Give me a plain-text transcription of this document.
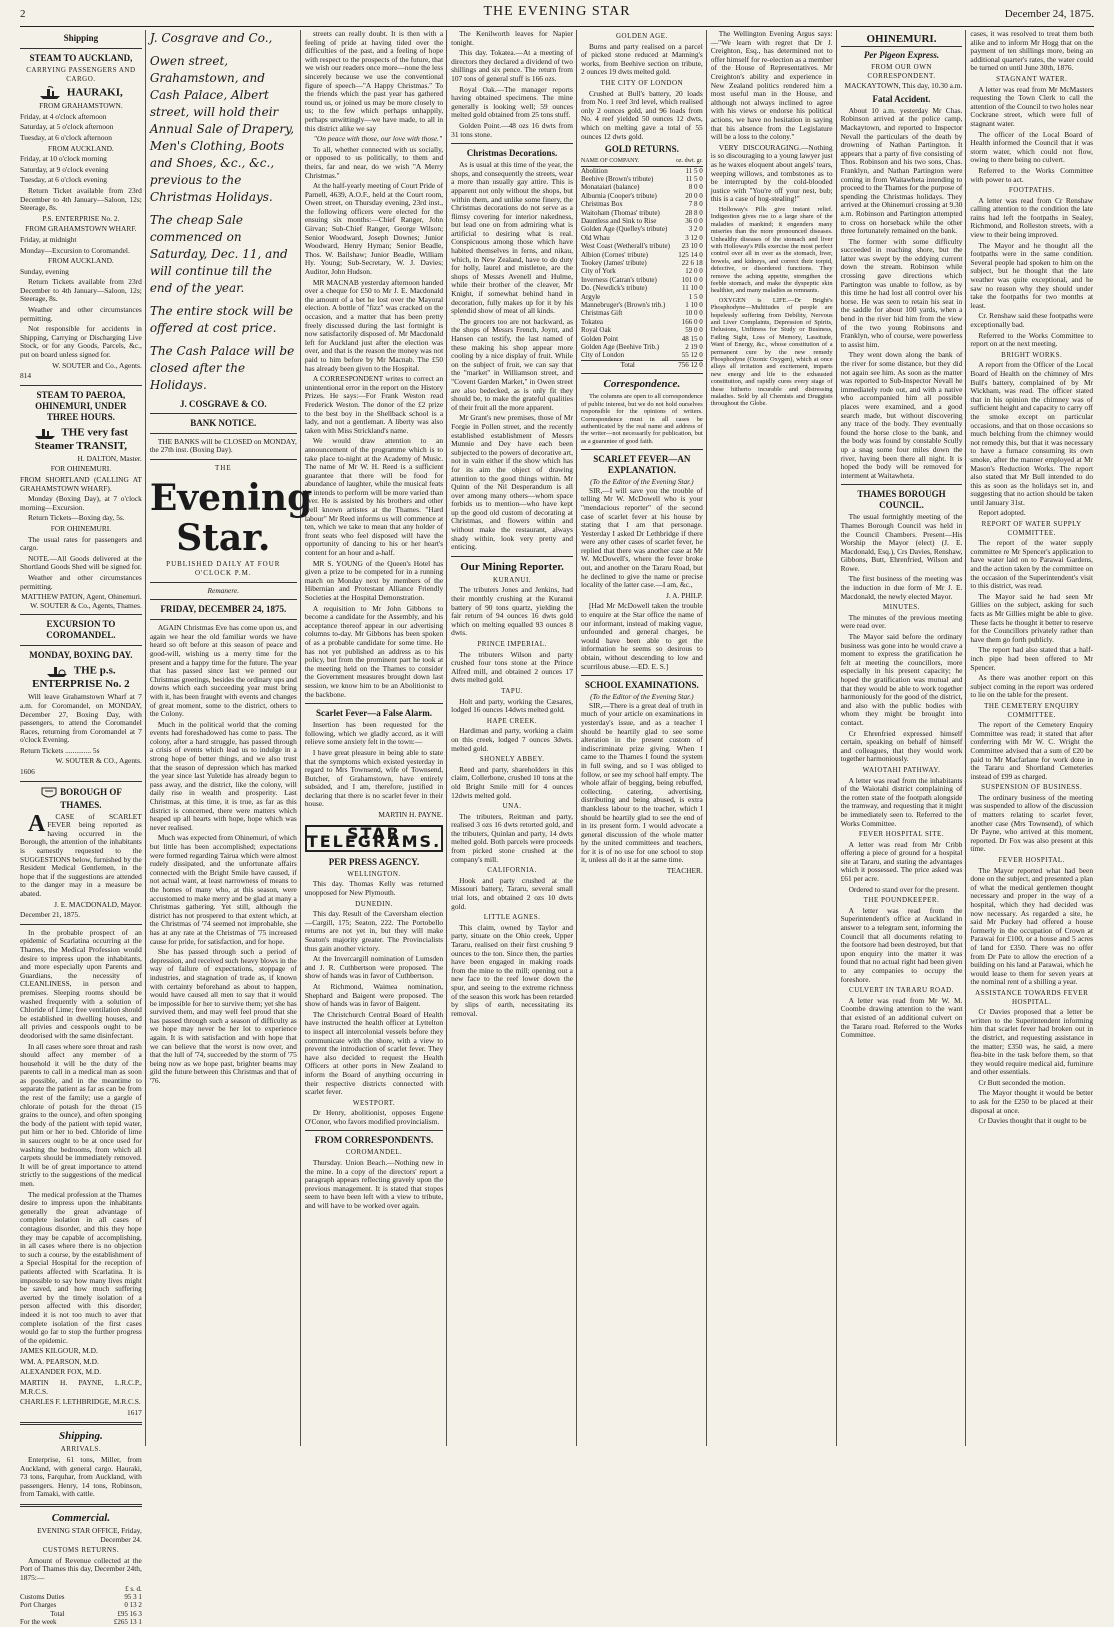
2	THE EVENING STAR	December 24, 1875.
Shipping
STEAM TO AUCKLAND,
CARRYING PASSENGERS AND CARGO.
HAURAKI,

FROM GRAHAMSTOWN.

Friday, at 4 o'clock afternoon

Saturday, at 5 o'clock afternoon

Tuesday, at 6 o'clock afternoon

FROM AUCKLAND.

Friday, at 10 o'clock morning

Saturday, at 9 o'clock evening

Tuesday, at 6 o'clock evening

Return Ticket available from 23rd December to 4th January—Saloon, 12s; Steerage, 8s.

P.S. ENTERPRISE No. 2.

FROM GRAHAMSTOWN WHARF.

Friday, at midnight

Monday—Excursion to Coromandel.

FROM AUCKLAND.

Sunday, evening

Return Tickets available from 23rd December to 4th January—Saloon, 12s; Steerage, 8s.

Weather and other circumstances permitting.

Not responsible for accidents in Shipping, Carrying or Discharging Live Stock, or for any Goods, Parcels, &c., put on board unless signed for.

W. SOUTER and Co., Agents.

814

STEAM TO PAEROA, OHINEMURI, UNDER THREE HOURS.
THE very fast Steamer TRANSIT,

H. DALTON, Master.

FOR OHINEMURI.

FROM SHORTLAND (CALLING AT GRAHAMSTOWN WHARF).

Monday (Boxing Day), at 7 o'clock morning—Excursion.

Return Tickets—Boxing day, 5s.

FOR OHINEMURI.

The usual rates for passengers and cargo.

NOTE.—All Goods delivered at the Shortland Goods Shed will be signed for.

Weather and other circumstances permitting.

MATTHEW PATON, Agent, Ohinemuri. W. SOUTER & Co., Agents, Thames.

EXCURSION TO COROMANDEL.
MONDAY, BOXING DAY.
THE p.s. ENTERPRISE No. 2

Will leave Grahamstown Wharf at 7 a.m. for Coromandel, on MONDAY, December 27, Boxing Day, with passengers, to attend the Coromandel Races, returning from Coromandel at 7 o'clock Evening.

Return Tickets .............. 5s

W. SOUTER & CO., Agents.

1606

BOROUGH OF THAMES.

A CASE of SCARLET FEVER being reported as having occurred in the Borough, the attention of the inhabitants is earnestly requested to the SUGGESTIONS below, furnished by the Resident Medical Gentlemen, in the hope that if the suggestions are attended to the danger may in a measure be abated.

J. E. MACDONALD, Mayor.

December 21, 1875.

In the probable prospect of an epidemic of Scarlatina occurring at the Thames, the Medical Profession would desire to impress upon the inhabitants, and more especially upon Parents and Guardians, the necessity of CLEANLINESS, in person and premises. Sleeping rooms should be washed frequently with a solution of Chloride of Lime; free ventilation should be established in dwelling houses, and all privies and cesspools ought to be deodorised with the same disinfectant.

In all cases where sore throat and rash should affect any member of a household it will be the duty of the parents to call in a medical man as soon as possible, and in the meantime to separate the patient as far as can be from the rest of the family; use a gargle of chlorate of potash for the throat (15 grains to the ounce), and often sponging the body of the patient with tepid water, put him or her to bed. Chloride of lime in saucers ought to be at once used for washing the bedrooms, from which all carpets should be immediately removed. It will be of great importance to attend strictly to the suggestions of the medical men.

The medical profession at the Thames desire to impress upon the inhabitants generally the great advantage of complete isolation in all cases of contagious disorder, and this they hope they may be capable of accomplishing, in all cases where there is no objection to such a course, by the establishment of a Special Hospital for the reception of patients affected with Scarlatina. It is impossible to say how many lives might be saved, and how much suffering averted by the timely isolation of a person affected with this disorder; indeed it is not too much to aver that complete isolation of the first cases would go far to stop the further progress of the epidemic.

JAMES KILGOUR, M.D.

WM. A. PEARSON, M.D.

ALEXANDER FOX, M.D.

MARTIN H. PAYNE, L.R.C.P., M.R.C.S.

CHARLES F. LETHBRIDGE, M.R.C.S.

1617

Shipping.
ARRIVALS.

Enterprise, 61 tons, Miller, from Auckland, with general cargo. Hauraki, 73 tons, Farquhar, from Auckland, with passengers. Henry, 14 tons, Robinson, from Tamaki, with cattle.

Commercial.

EVENING STAR OFFICE, Friday, December 24.

CUSTOMS RETURNS.

Amount of Revenue collected at the Port of Thames this day, December 24th, 1875:—

	£ s. d.
Customs Duties	95 3 1
Port Charges	0 13 2
Total	£95 16 3
For the week	£265 13 1

J. Cosgrave and Co.,

Owen street, Grahamstown, and Cash Palace, Albert street, will hold their Annual Sale of Drapery, Men's Clothing, Boots and Shoes, &c., &c., previous to the Christmas Holidays.

The cheap Sale commenced on Saturday, Dec. 11, and will continue till the end of the year.

The entire stock will be offered at cost price.

The Cash Palace will be closed after the Holidays.

J. COSGRAVE & CO.
BANK NOTICE.

THE BANKS will be CLOSED on MONDAY, the 27th inst. (Boxing Day).

THE
Evening Star.
PUBLISHED DAILY AT FOUR O'CLOCK P.M.
Remanere.
FRIDAY, DECEMBER 24, 1875.

AGAIN Christmas Eve has come upon us, and again we hear the old familiar words we have heard so oft before at this season of peace and good-will, wishing us a merry time for the present and a happy time for the future. The year that has passed since last we penned our Christmas greetings, besides the ordinary ups and downs which each succeeding year must bring with it, has been fraught with events and changes of great moment, some to the district, others to the Colony.

Much in the political world that the coming events had foreshadowed has come to pass. The colony, after a hard struggle, has passed through a crisis of events which lead us to indulge in a strong hope of better things, and we also trust that the season of depression which has marked the year since last Yuletide has already begun to pass away, and the district, like the colony, will daily rise in wealth and prosperity. Last Christmas, at this time, it is true, as far as this district is concerned, there were matters which heaped up all hearts with hope, hope which was never realised.

Much was expected from Ohinemuri, of which but little has been accomplished; expectations were formed regarding Tairua which were almost rudely dissipated, and the unfortunate affairs connected with the Bright Smile have caused, if not actual want, at least narrowness of means to the homes of many who, at this season, were accustomed to make merry and be glad at many a Christmas gathering. Yet still, although the district has not prospered to that extent which, at the Christmas of '74 seemed not improbable, she has at any rate at the Christmas of '75 increased cause for pride, for satisfaction, and for hope.

She has passed through such a period of depression, and received such heavy blows in the way of failure of expectations, stoppage of industries, and stagnation of trade as, if known with certainty beforehand as about to happen, would have caused all men to say that it would be impossible for her to survive them; yet she has survived them, and may well feel proud that she has passed through such a season of difficulty as we hope may never be her lot to experience again. It is with satisfaction and with hope that we can believe that the worst is now over, and that the lull of '74, succeeded by the storm of '75 being now as we hope past, brighter beams may gild the future between this Christmas and that of '76.

streets can really doubt. It is then with a feeling of pride at having tided over the difficulties of the past, and a feeling of hope with respect to the prospects of the future, that we wish our readers once more—none the less sincerely because we use the conventional figure of speech—"A Happy Christmas." To the friends which the past year has gathered round us, or joined us may be more closely to us; to the few which perhaps unhappily, perhaps unwittingly—we have made, to all in this district alike we say

"On peace with those, our love with those."

To all, whether connected with us socially, or opposed to us politically, to them and theirs, far and near, do we wish "A Merry Christmas."

At the half-yearly meeting of Court Pride of Parnell, 4639, A.O.F., held at the Court room, Owen street, on Thursday evening, 23rd inst., the following officers were elected for the ensuing six months:—Chief Ranger, John Girvan; Sub-Chief Ranger, George Wilson; Senior Woodward, Joseph Downes; Junior Woodward, Henry Hyman; Senior Beadle, Thos. W. Bailshaw; Junior Beadle, William Hy. Young; Sub-Secretary, W. J. Davies; Auditor, John Hudson.

MR MACNAB yesterday afternoon handed over a cheque for £50 to Mr J. E. Macdonald the amount of a bet he lost over the Mayoral election. A bottle of "fizz" was cracked on the occasion, and a matter that has been pretty freely discussed during the last fortnight is now satisfactorily disposed of. Mr Macdonald left for Auckland just after the election was over, and that is the reason the money was not paid to him before by Mr Macnab. The £50 has already been given to the Hospital.

A CORRESPONDENT writes to correct an unintentional error in the report on the History Prizes. He says:—For Frank Weston read Frederick Weston. The donor of the £2 prize to the best boy in the Shellback school is a lady, and not a gentleman. A liberty was also taken with Miss Strickland's name.

We would draw attention to an announcement of the programme which is to take place to-night at the Academy of Music. The name of Mr W. H. Reed is a sufficient guarantee that there will be food for abundance of laughter, while the musical feats he intends to perform will be more varied than ever. He is assisted by his brothers and other well known artistes at the Thames. "Hard labour" Mr Reed informs us will commence at ten, which we take to mean that any holder of front seats who feel disposed will have the opportunity of dancing to his or her heart's content for an hour and a-half.

MR S. YOUNG of the Queen's Hotel has given a prize to be competed for in a running match on Monday next by members of the Hibernian and Protestant Alliance Friendly Societies at the Hospital Demonstration.

A requisition to Mr John Gibbons to become a candidate for the Assembly, and his acceptance thereof appear in our advertising columns to-day. Mr Gibbons has been spoken of as a probable candidate for some time. He has not yet published an address as to his policy, but from the prominent part he took at the meeting held on the Thames to consider the Government measures brought down last session, we know him to be an Abolitionist to the backbone.

Scarlet Fever—a False Alarm.

Insertion has been requested for the following, which we gladly accord, as it will relieve some anxiety felt in the town:—

I have great pleasure in being able to state that the symptoms which existed yesterday in regard to Mrs Townsend, wife of Townsend, Butcher, of Grahamstown, have entirely subsided, and I am, therefore, justified in declaring that there is no scarlet fever in their house.

MARTIN H. PAYNE.

STAR TELEGRAMS.
PER PRESS AGENCY.
WELLINGTON.

This day. Thomas Kelly was returned unopposed for New Plymouth.

DUNEDIN.

This day. Result of the Caversham election—Cargill, 175; Seaton, 222. The Portobello returns are not yet in, but they will make Seaton's majority greater. The Provincialists thus gain another victory.

At the Invercargill nomination of Lumsden and J. R. Cuthbertson were proposed. The show of hands was in favor of Cuthbertson.

At Richmond, Waimea nomination, Shephard and Baigent were proposed. The show of hands was in favor of Baigent.

The Christchurch Central Board of Health have instructed the health officer at Lyttelton to inspect all intercolonial vessels before they communicate with the shore, with a view to prevent the introduction of scarlet fever. They have also decided to request the Health Officers at other ports in New Zealand to inform the Board of anything occurring in their respective districts connected with scarlet fever.

WESTPORT.

Dr Henry, abolitionist, opposes Eugene O'Conor, who favors modified provincialism.

FROM CORRESPONDENTS.
COROMANDEL.

Thursday. Union Beach.—Nothing new in the mine. In a copy of the directors' report a paragraph appears reflecting gravely upon the previous management. It is stated that stopes seem to have been left with a view to tribute, and will have to be worked over again.

The Kenilworth leaves for Napier tonight.

This day. Tokatea.—At a meeting of directors they declared a dividend of two shillings and six pence. The return from 107 tons of general stuff is 166 ozs.

Royal Oak.—The manager reports having obtained specimens. The mine generally is looking well; 59 ounces melted gold obtained from 25 tons stuff.

Golden Point.—48 ozs 16 dwts from 31 tons stone.

Christmas Decorations.

As is usual at this time of the year, the shops, and consequently the streets, wear a more than usually gay attire. This is apparent not only without the shops, but within them, and unlike some finery, the Christmas decorations do not serve as a flimsy covering for interior nakedness, but lead one on from admiring what is artificial to desiring what is real. Conspicuous among those which have habited themselves in ferns, and nikau, which, in New Zealand, have to do duty for holly, laurel and mistletoe, are the shops of Messrs Avenell and Hulme, while their brother of the cleaver, Mr Knight, if somewhat behind hand in decoration, fully makes up for it by his splendid show of meat of all kinds.

The grocers too are not backward, as the shops of Messrs French, Joynt, and Hansen can testify, the last named of these making his shop appear more cooling by a nice display of fruit. While on the subject of fruit, we can say that the "market" in Williamson street, and "Covent Garden Market," in Owen street are also bedecked, as is only fit they should be, to make the grateful qualities of their fruit all the more apparent.

Mr Grant's new premises, those of Mr Forgie in Pollen street, and the recently established establishment of Messrs Munnie and Dey have each been subjected to the powers of decorative art, not in vain either if the show which has for its aim the object of drawing attention to the good things within. Mr Quinn of the Nil Desperandum is all over among many others—whom space forbids us to mention—who have kept up the good old custom of decorating at Christmas, and flowers within and without make the restaurant, always shady within, look very pretty and enticing.

Our Mining Reporter.
KURANUI.

The tributers Jones and Jenkins, had their monthly crushing at the Kuranui battery of 90 tons quartz, yielding the fair return of 94 ounces 16 dwts gold which on melting equalled 93 ounces 8 dwts.

PRINCE IMPERIAL.

The tributers Wilson and party crushed four tons stone at the Prince Alfred mill, and obtained 2 ounces 17 dwts melted gold.

TAPU.

Holt and party, working the Cæsares, lodged 16 ounces 14dwts melted gold.

HAPE CREEK.

Hardiman and party, working a claim on this creek, lodged 7 ounces 3dwts. melted gold.

SHONELY ABBEY.

Reed and party, shareholders in this claim, Collerbone, crushed 10 tons at the old Bright Smile mill for 4 ounces 12dwts melted gold.

UNA.

The tributers, Reitman and party, realised 3 ozs 16 dwts retorted gold, and the tributers, Quinlan and party, 14 dwts melted gold. Both parcels were proceeds from picked stone crushed at the company's mill.

CALIFORNIA.

Hook and party crushed at the Missouri battery, Tararu, several small trial lots, and obtained 2 ozs 10 dwts gold.

LITTLE AGNES.

This claim, owned by Taylor and party, situate on the Ohio creek, Upper Tararu, realised on their first crushing 9 ounces to the ton. Since then, the parties have been engaged in making roads from the mine to the mill; opening out a new face to the reef lower down the spur, and seeing to the extreme richness of the season this work has been retarded by slips of earth, necessitating its removal.

GOLDEN AGE.

Burns and party realised on a parcel of picked stone reduced at Manning's works, from Beehive section on tribute, 2 ounces 19 dwts melted gold.

THE CITY OF LONDON

Crushed at Bull's battery, 20 loads from No. 1 reef 3rd level, which realised only 2 ounces gold, and 96 loads from No. 4 reef yielded 50 ounces 12 dwts, which on melting gave a total of 55 ounces 12 dwts gold.

GOLD RETURNS.
NAME OF COMPANY.	oz. dwt. gr.
Abolition	11 5 0
Beehive (Brown's tribute)	11 5 0
Monataiari (balance)	8 0 0
Alburnia (Cooper's tribute)	20 0 0
Christmas Box	7 8 0
Waitoham (Thomas' tribute)	28 8 0
Dauntless and Sink to Rise	36 0 0
Golden Age (Quelley's tribute)	3 2 0
Old Whau	3 12 0
West Coast (Wetherall's tribute)	23 10 0
Albion (Cornes' tribute)	125 14 0
Tookey (James' tribute)	22 6 18
City of York	12 0 0
Inverness (Catran's tribute)	101 0 0
Do. (Newdick's tribute)	11 10 0
Argyle	1 5 0
Mannebruger's (Brown's trib.)	1 10 0
Christmas Gift	10 0 0
Tokatea	166 0 0
Royal Oak	59 0 0
Golden Point	48 15 0
Golden Age (Beehive Trib.)	2 19 0
City of London	55 12 0
Total	756 12 0
Correspondence.

The columns are open to all correspondence of public interest, but we do not hold ourselves responsible for the opinions of writers. Correspondence must in all cases be authenticated by the real name and address of the writer—not necessarily for publication, but as a guarantee of good faith.

SCARLET FEVER—AN EXPLANATION.
(To the Editor of the Evening Star.)

SIR,—I will save you the trouble of telling Mr W. McDowell who is your "mendacious reporter" of the second case of scarlet fever at his house by stating that I am that personage. Yesterday I asked Dr Lethbridge if there were any other cases of scarlet fever, he replied that there was another case at Mr W. McDowell's, where the fever broke out, and another on the Tararu Road, but he declined to give the name or precise locality of the latter case.—I am, &c.,

J. A. PHILP.

[Had Mr McDowell taken the trouble to enquire at the Star office the name of our informant, instead of making vague, unfounded and general charges, he would have been able to get the information he seems so desirous to obtain, without descending to low and scurrilous abuse.—ED. E. S.]

SCHOOL EXAMINATIONS.
(To the Editor of the Evening Star.)

SIR,—There is a great deal of truth in much of your article on examinations in yesterday's issue, and as a teacher I should be heartily glad to see some alteration in the present custom of indiscriminate prize giving. When I came to the Thames I found the system in full swing, and so I was obliged to follow, or see my school half empty. The whole affair of begging, being rebuffed, collecting, catering, advertising, distributing and being abused, is extra thankless labour to the teacher, which I should be heartily glad to see the end of in its present form. I would advocate a general discussion of the whole matter by the united committees and teachers, for it is of no use for one school to stop it, unless all do it at the same time.

TEACHER.

The Wellington Evening Argus says:—"We learn with regret that Dr J. Creighton, Esq., has determined not to offer himself for re-election as a member of the House of Representatives. Mr Creighton's ability and experience in New Zealand politics rendered him a most useful man in the House, and although not always inclined to agree with his views or endorse his political actions, we have no hesitation in saying that his absence from the Legislature will be a loss to the colony."

VERY DISCOURAGING.—Nothing is so discouraging to a young lawyer just as he waxes eloquent about angels' tears, weeping willows, and tombstones as to be interrupted by the cold-blooded justice with "You're off your nest, bub; this is a case of hog-stealing!"

Holloway's Pills give instant relief. Indigestion gives rise to a large share of the maladies of mankind; it engenders many miseries than the more pronounced diseases. Unhealthy diseases of the stomach and liver with Holloway's Pills exercise the most perfect control over all in over as the stomach, liver, bowels, and kidneys, and correct their torpid, defective, or disordered functions. They remove the aching appetite, strengthen the feeble stomach, and make the dyspeptic skin healthier, and many maladies as remnants.

OXYGEN is LIFE.—Dr Bright's Phosphodyne—Multitudes of people are hopelessly suffering from Debility, Nervous and Liver Complaints, Depression of Spirits, Delusions, Unfitness for Study or Business, Failing Sight, Loss of Memory, Lassitude, Want of Energy, &c., whose constitution of a permanent cure by the new remedy Phosphodyne (Ozonic Oxygen), which at once allays all irritation and excitement, imparts new energy and life to the exhausted constitution, and rapidly cures every stage of these hitherto incurable and distressing maladies. Sold by all Chemists and Druggists throughout the Globe.

OHINEMURI.
Per Pigeon Express.
FROM OUR OWN CORRESPONDENT.

MACKAYTOWN, This day, 10.30 a.m.

Fatal Accident.

About 10 a.m. yesterday Mr Chas. Robinson arrived at the police camp, Mackaytown, and reported to Inspector Nevall the particulars of the death by drowning of Nathan Partington. It appears that a party of five consisting of Thos. Robinson and his two sons, Chas. Franklyn, and Nathan Partington were coming in from Waitawheta intending to proceed to the Thames for the purpose of spending the Christmas holidays. They arrived at the Ohinemuri crossing at 9.30 a.m. Robinson and Partington attempted to cross on horseback while the other three fortunately remained on the bank.

The former with some difficulty succeeded in reaching shore, but the latter was swept by the eddying current down the stream. Robinson while crossing gave directions which Partington was unable to follow, as by this time he had lost all control over his horse. He was seen to retain his seat in the saddle for about 100 yards, when a bend in the river hid him from the view of the two young Robinsons and Franklyn, who of course, were powerless to assist him.

They went down along the bank of the river for some distance, but they did not again see him. As soon as the matter was reported to Sub-Inspector Nevall he immediately rode out, and with a native who accompanied him all possible places were examined, and a good search made, but without discovering any trace of the body. They eventually found the horse close to the bank, and the body was found by constable Scully up a snag some four miles down the river, having been there all night. It is hoped the body will be removed for interment at Waitawheta.

THAMES BOROUGH COUNCIL.

The usual fortnightly meeting of the Thames Borough Council was held in the Council Chambers. Present—His Worship the Mayor (elect) (J. E. Macdonald, Esq.), Crs Davies, Renshaw, Gibbons, Butt, Ehrenfried, Wilson and Rowe.

The first business of the meeting was the induction in due form of Mr J. E. Macdonald, the newly elected Mayor.

MINUTES.

The minutes of the previous meeting were read over.

The Mayor said before the ordinary business was gone into he would crave a moment to express the gratification he felt at meeting the councillors, more especially in his present capacity; he hoped the gratification was mutual and that they would be able to work together harmoniously for the good of the district, and also with the public bodies with whom they might be brought into contact.

Cr Ehrenfried expressed himself certain, speaking on behalf of himself and colleagues, that they would work together harmoniously.

WAIOTAHI PATHWAY.

A letter was read from the inhabitants of the Waiotahi district complaining of the rotten state of the footpath alongside the tramway, and requesting that it might be immediately seen to. Referred to the Works Committee.

FEVER HOSPITAL SITE.

A letter was read from Mr Cribb offering a piece of ground for a hospital site at Tararu, and stating the advantages which it possessed. The price asked was £61 per acre.

Ordered to stand over for the present.

THE POUNDKEEPER.

A letter was read from the Superintendent's office at Auckland in answer to a telegram sent, informing the Council that all documents relating to the footsore had been destroyed, but that upon enquiry into the matter it was found that no actual right had been given to any companies to occupy the foreshore.

CULVERT IN TARARU ROAD.

A letter was read from Mr W. M. Coombe drawing attention to the want that existed of an additional culvert on the Tararu road. Referred to the Works Committee.

cases, it was resolved to treat them both alike and to inform Mr Hogg that on the payment of ten shillings more, being an additional quarter's rates, the water could be turned on until June 30th, 1876.

STAGNANT WATER.

A letter was read from Mr McMasters requesting the Town Clerk to call the attention of the Council to two holes near Cockrane street, which were full of stagnant water.

The officer of the Local Board of Health informed the Council that it was storm water, which could not flow, owing to there being no culvert.

Referred to the Works Committee with power to act.

FOOTPATHS.

A letter was read from Cr Renshaw calling attention to the condition the late rains had left the footpaths in Sealey, Richmond, and Rolleston streets, with a view to their being improved.

The Mayor and he thought all the footpaths were in the same condition. Several people had spoken to him on the subject, but he thought that the late weather was quite exceptional, and he saw no reason why they should under take the footpaths for two months at least.

Cr. Renshaw said these footpaths were exceptionally bad.

Referred to the Works Committee to report on at the next meeting.

BRIGHT WORKS.

A report from the Officer of the Local Board of Health on the chimney of Mrs Bull's battery, complained of by Mr Wickham, was read. The officer stated that in his opinion the chimney was of sufficient height and capacity to carry off the smoke except on particular occasions, and that on those occasions so much belching from the chimney would not remedy this, but that it was necessary to have a furnace consuming its own smoke, after the manner employed at Mr Mason's Reduction Works. The report also stated that Mr Bull intended to do this as soon as the holidays set in, and suggesting that no action should be taken until January 31st.

Report adopted.

REPORT OF WATER SUPPLY COMMITTEE.

The report of the water supply committee re Mr Spencer's application to have water laid on to Parawai Gardens, and the action taken by the committee on the occasion of the Superintendent's visit to this district, was read.

The Mayor said he had seen Mr Gillies on the subject, asking for such facts as Mr Gillies might be able to give. These facts he thought it better to reserve for the Councillors privately rather than have them go forth publicly.

The report had also stated that a half-inch pipe had been offered to Mr Spencer.

As there was another report on this subject coming in the report was ordered to lie on the table for the present.

THE CEMETERY ENQUIRY COMMITTEE.

The report of the Cemetery Enquiry Committee was read; it stated that after conferring with Mr W. C. Wright the Committee advised that a sum of £20 be paid to Mr Macfarlane for work done in the Tararu and Shortland Cemeteries instead of £99 as charged.

SUSPENSION OF BUSINESS.

The ordinary business of the meeting was suspended to allow of the discussion of matters relating to scarlet fever, another case (Mrs Townsend), of which Dr Payne, who arrived at this moment, reported. Dr Fox was also present at this time.

FEVER HOSPITAL.

The Mayor reported what had been done on the subject, and presented a plan of what the medical gentlemen thought necessary and proper in the way of a hospital, which they had decided was now necessary. As regarded a site, he said Mr Puckey had offered a house formerly in the occupation of Crown at Parawai for £100, or a house and 5 acres of land for £350. There was no offer from Dr Pate to allow the erection of a building on his land at Parawai, which he would lease to them for seven years at the nominal rent of a shilling a year.

ASSISTANCE TOWARDS FEVER HOSPITAL.

Cr Davies proposed that a letter be written to the Superintendent informing him that scarlet fever had broken out in the district, and requesting assistance in the matter; £350 was, he said, a mere flea-bite in the task before them, so that they would require medical aid, furniture and other essentials.

Cr Butt seconded the motion.

The Mayor thought it would be better to ask for the £250 to be placed at their disposal at once.

Cr Davies thought that it ought to be
